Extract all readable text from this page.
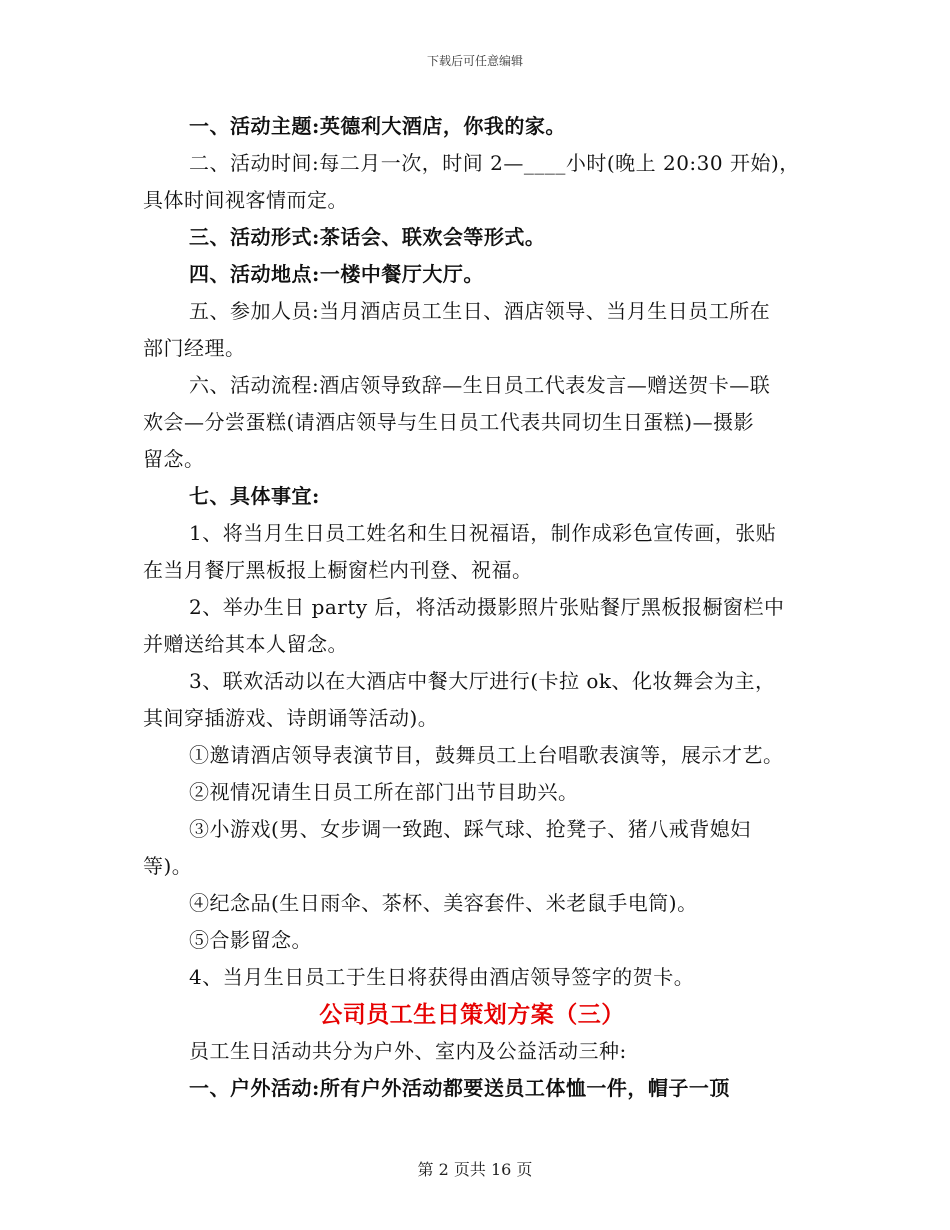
下载后可任意编辑
一、活动主题:英德利大酒店，你我的家。
二、活动时间:每二月一次，时间 2—____小时(晚上 20:30 开始)，
具体时间视客情而定。
三、活动形式:茶话会、联欢会等形式。
四、活动地点:一楼中餐厅大厅。
五、参加人员:当月酒店员工生日、酒店领导、当月生日员工所在
部门经理。
六、活动流程:酒店领导致辞—生日员工代表发言—赠送贺卡—联
欢会—分尝蛋糕(请酒店领导与生日员工代表共同切生日蛋糕)—摄影
留念。
七、具体事宜:
1、将当月生日员工姓名和生日祝福语，制作成彩色宣传画，张贴
在当月餐厅黑板报上橱窗栏内刊登、祝福。
2、举办生日 party 后，将活动摄影照片张贴餐厅黑板报橱窗栏中
并赠送给其本人留念。
3、联欢活动以在大酒店中餐大厅进行(卡拉 ok、化妆舞会为主，
其间穿插游戏、诗朗诵等活动)。
①邀请酒店领导表演节目，鼓舞员工上台唱歌表演等，展示才艺。
②视情况请生日员工所在部门出节目助兴。
③小游戏(男、女步调一致跑、踩气球、抢凳子、猪八戒背媳妇
等)。
④纪念品(生日雨伞、茶杯、美容套件、米老鼠手电筒)。
⑤合影留念。
4、当月生日员工于生日将获得由酒店领导签字的贺卡。
公司员工生日策划方案（三）
员工生日活动共分为户外、室内及公益活动三种:
一、户外活动:所有户外活动都要送员工体恤一件，帽子一顶
第 2 页共 16 页
